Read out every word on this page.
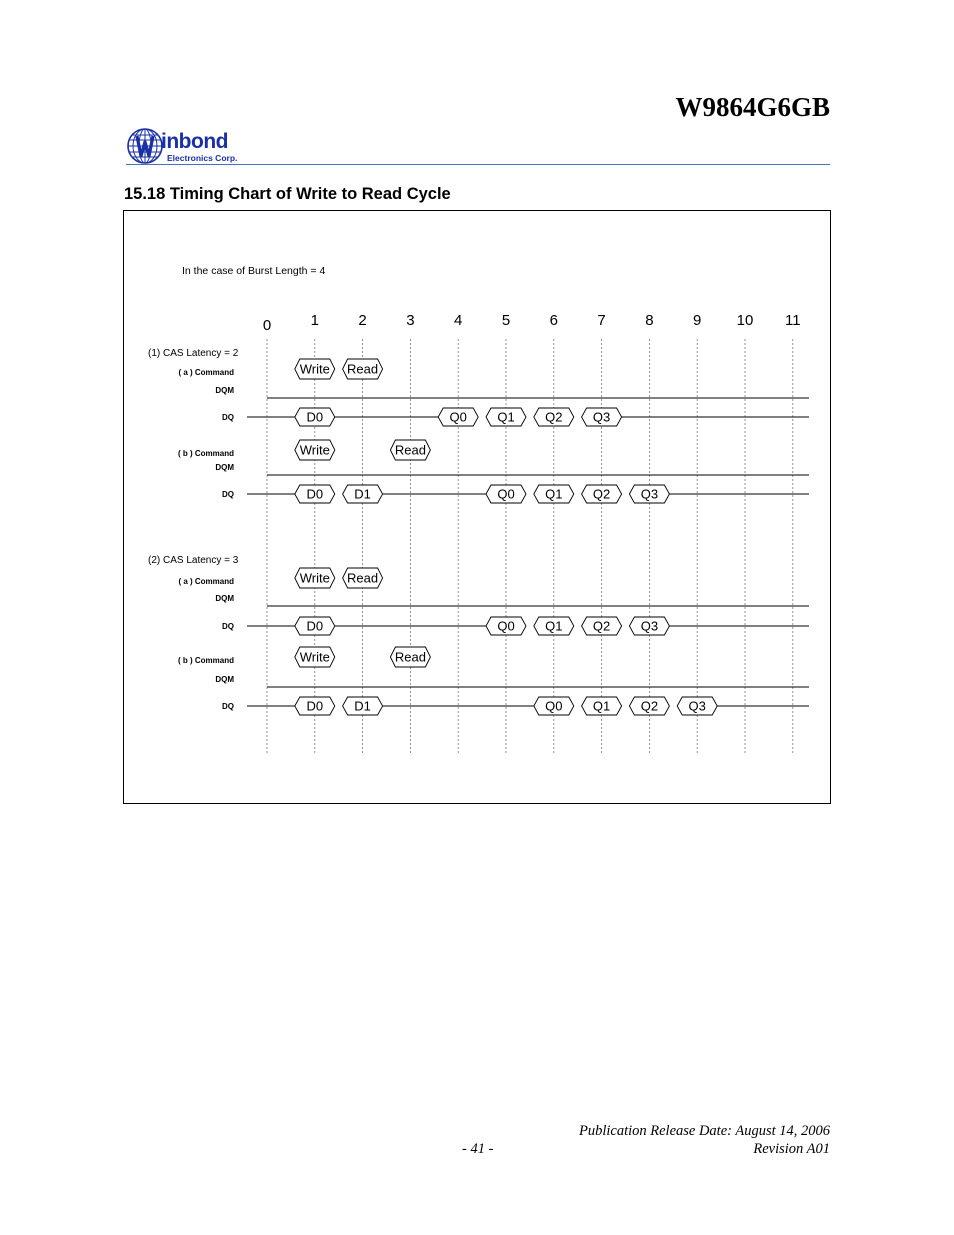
W9864G6GB
inbond
Electronics Corp.
15.18 Timing Chart of Write to Read Cycle
0	1	2	3	4	5	6	7	8	9 10 11
In the case of Burst Length = 4
(1) CAS Latency = 2
( a ) Command
DQM
DQ
Write Read
D0	Q0 Q1 Q2 Q3
( b ) Command
DQM
DQ
Write	Read
D0 D1	Q0 Q1 Q2 Q3
(2) CAS Latency = 3
( a ) Command
DQM
DQ
Write Read
D0	Q0 Q1 Q2 Q3
( b ) Command
DQM
DQ
Write	Read
D0 D1	Q0 Q1 Q2 Q3
Publication Release Date: August 14, 2006
- 41 -	Revision A01
